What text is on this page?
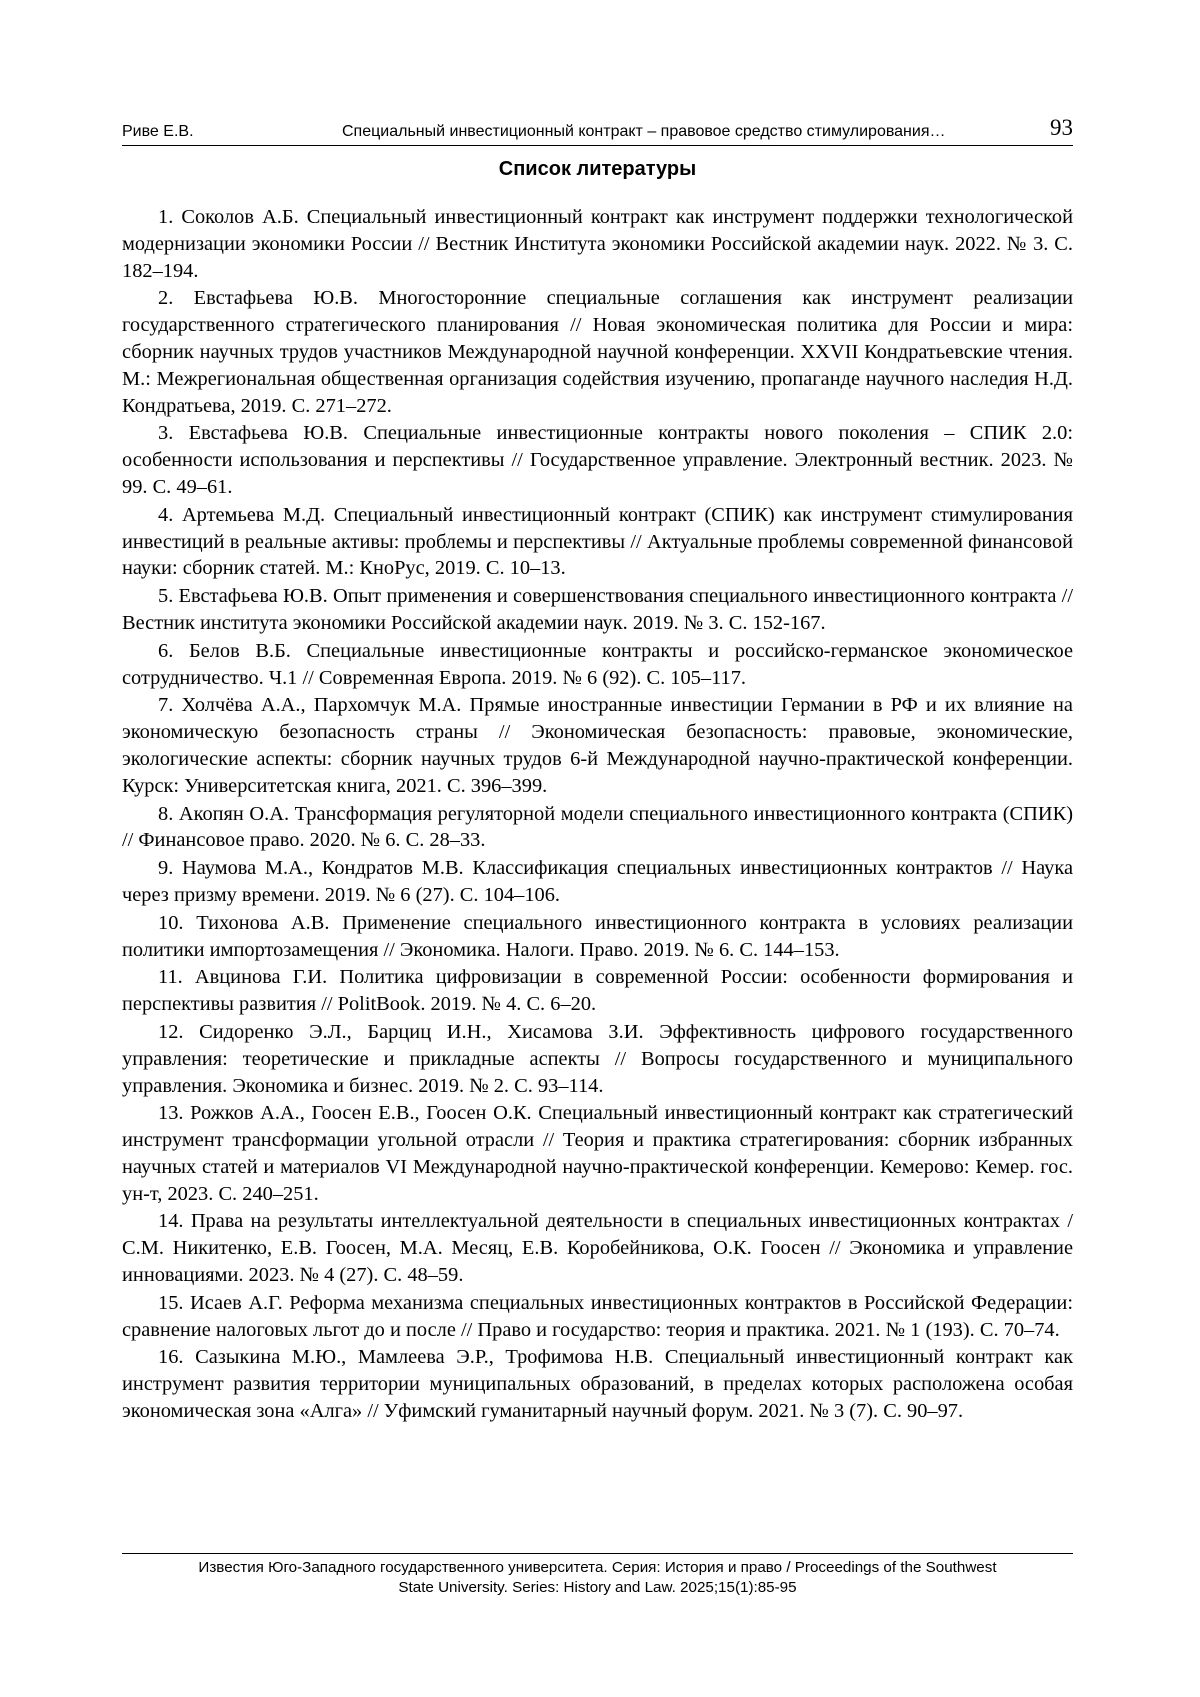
Риве Е.В.	Специальный инвестиционный контракт – правовое средство стимулирования…	93
Список литературы

1. Соколов А.Б. Специальный инвестиционный контракт как инструмент поддержки технологической модернизации экономики России // Вестник Института экономики Российской академии наук. 2022. № 3. С. 182–194.

2. Евстафьева Ю.В. Многосторонние специальные соглашения как инструмент реализации государственного стратегического планирования // Новая экономическая политика для России и мира: сборник научных трудов участников Международной научной конференции. XXVII Кондратьевские чтения. М.: Межрегиональная общественная организация содействия изучению, пропаганде научного наследия Н.Д. Кондратьева, 2019. С. 271–272.

3. Евстафьева Ю.В. Специальные инвестиционные контракты нового поколения – СПИК 2.0: особенности использования и перспективы // Государственное управление. Электронный вестник. 2023. № 99. С. 49–61.

4. Артемьева М.Д. Специальный инвестиционный контракт (СПИК) как инструмент стимулирования инвестиций в реальные активы: проблемы и перспективы // Актуальные проблемы современной финансовой науки: сборник статей. М.: КноРус, 2019. С. 10–13.

5. Евстафьева Ю.В. Опыт применения и совершенствования специального инвестиционного контракта // Вестник института экономики Российской академии наук. 2019. № 3. С. 152-167.

6. Белов В.Б. Специальные инвестиционные контракты и российско-германское экономическое сотрудничество. Ч.1 // Современная Европа. 2019. № 6 (92). С. 105–117.

7. Холчёва А.А., Пархомчук М.А. Прямые иностранные инвестиции Германии в РФ и их влияние на экономическую безопасность страны // Экономическая безопасность: правовые, экономические, экологические аспекты: сборник научных трудов 6-й Международной научно-практической конференции. Курск: Университетская книга, 2021. С. 396–399.

8. Акопян О.А. Трансформация регуляторной модели специального инвестиционного контракта (СПИК) // Финансовое право. 2020. № 6. С. 28–33.

9. Наумова М.А., Кондратов М.В. Классификация специальных инвестиционных контрактов // Наука через призму времени. 2019. № 6 (27). С. 104–106.

10. Тихонова А.В. Применение специального инвестиционного контракта в условиях реализации политики импортозамещения // Экономика. Налоги. Право. 2019. № 6. С. 144–153.

11. Авцинова Г.И. Политика цифровизации в современной России: особенности формирования и перспективы развития // PolitBook. 2019. № 4. С. 6–20.

12. Сидоренко Э.Л., Барциц И.Н., Хисамова З.И. Эффективность цифрового государственного управления: теоретические и прикладные аспекты // Вопросы государственного и муниципального управления. Экономика и бизнес. 2019. № 2. С. 93–114.

13. Рожков А.А., Гоосен Е.В., Гоосен О.К. Специальный инвестиционный контракт как стратегический инструмент трансформации угольной отрасли // Теория и практика стратегирования: сборник избранных научных статей и материалов VI Международной научно-практической конференции. Кемерово: Кемер. гос. ун-т, 2023. С. 240–251.

14. Права на результаты интеллектуальной деятельности в специальных инвестиционных контрактах / С.М. Никитенко, Е.В. Гоосен, М.А. Месяц, Е.В. Коробейникова, О.К. Гоосен // Экономика и управление инновациями. 2023. № 4 (27). С. 48–59.

15. Исаев А.Г. Реформа механизма специальных инвестиционных контрактов в Российской Федерации: сравнение налоговых льгот до и после // Право и государство: теория и практика. 2021. № 1 (193). С. 70–74.

16. Сазыкина М.Ю., Мамлеева Э.Р., Трофимова Н.В. Специальный инвестиционный контракт как инструмент развития территории муниципальных образований, в пределах которых расположена особая экономическая зона «Алга» // Уфимский гуманитарный научный форум. 2021. № 3 (7). С. 90–97.

Известия Юго-Западного государственного университета. Серия: История и право / Proceedings of the Southwest
State University. Series: History and Law. 2025;15(1):85-95
